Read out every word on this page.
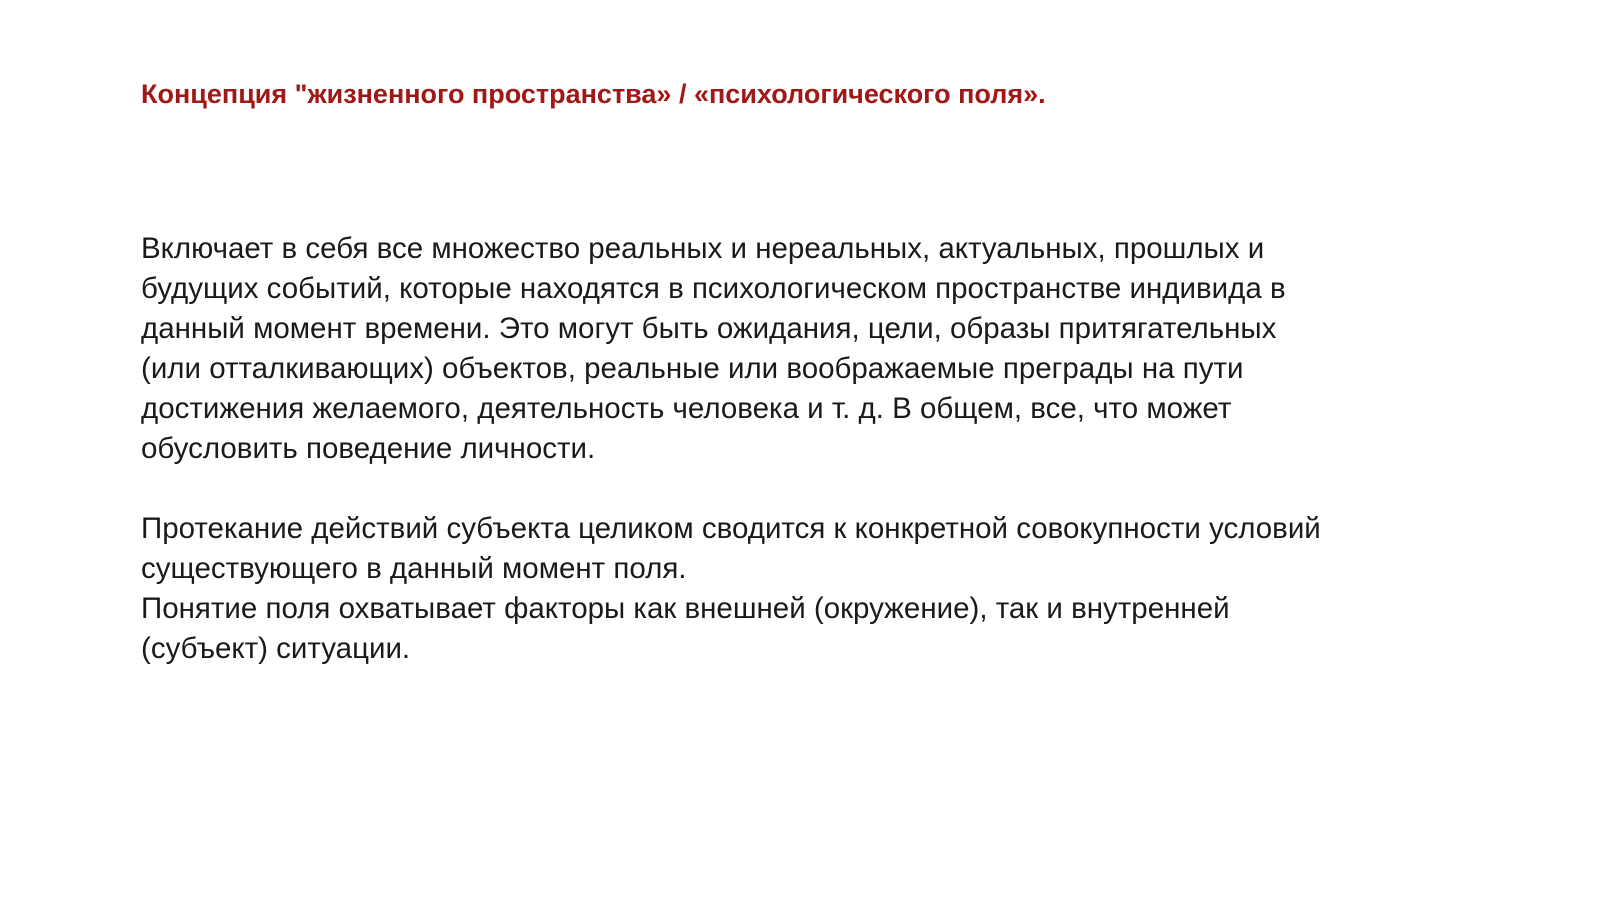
Концепция "жизненного пространства» / «психологического поля».

Включает в себя все множество реальных и нереальных, актуальных, прошлых и
будущих событий, которые находятся в психологическом пространстве индивида в
данный момент времени. Это могут быть ожидания, цели, образы притягательных
(или отталкивающих) объектов, реальные или воображаемые преграды на пути
достижения желаемого, деятельность человека и т. д. В общем, все, что может
обусловить поведение личности.

Протекание действий субъекта целиком сводится к конкретной совокупности условий
существующего в данный момент поля.
Понятие поля охватывает факторы как внешней (окружение), так и внутренней
(субъект) ситуации.
